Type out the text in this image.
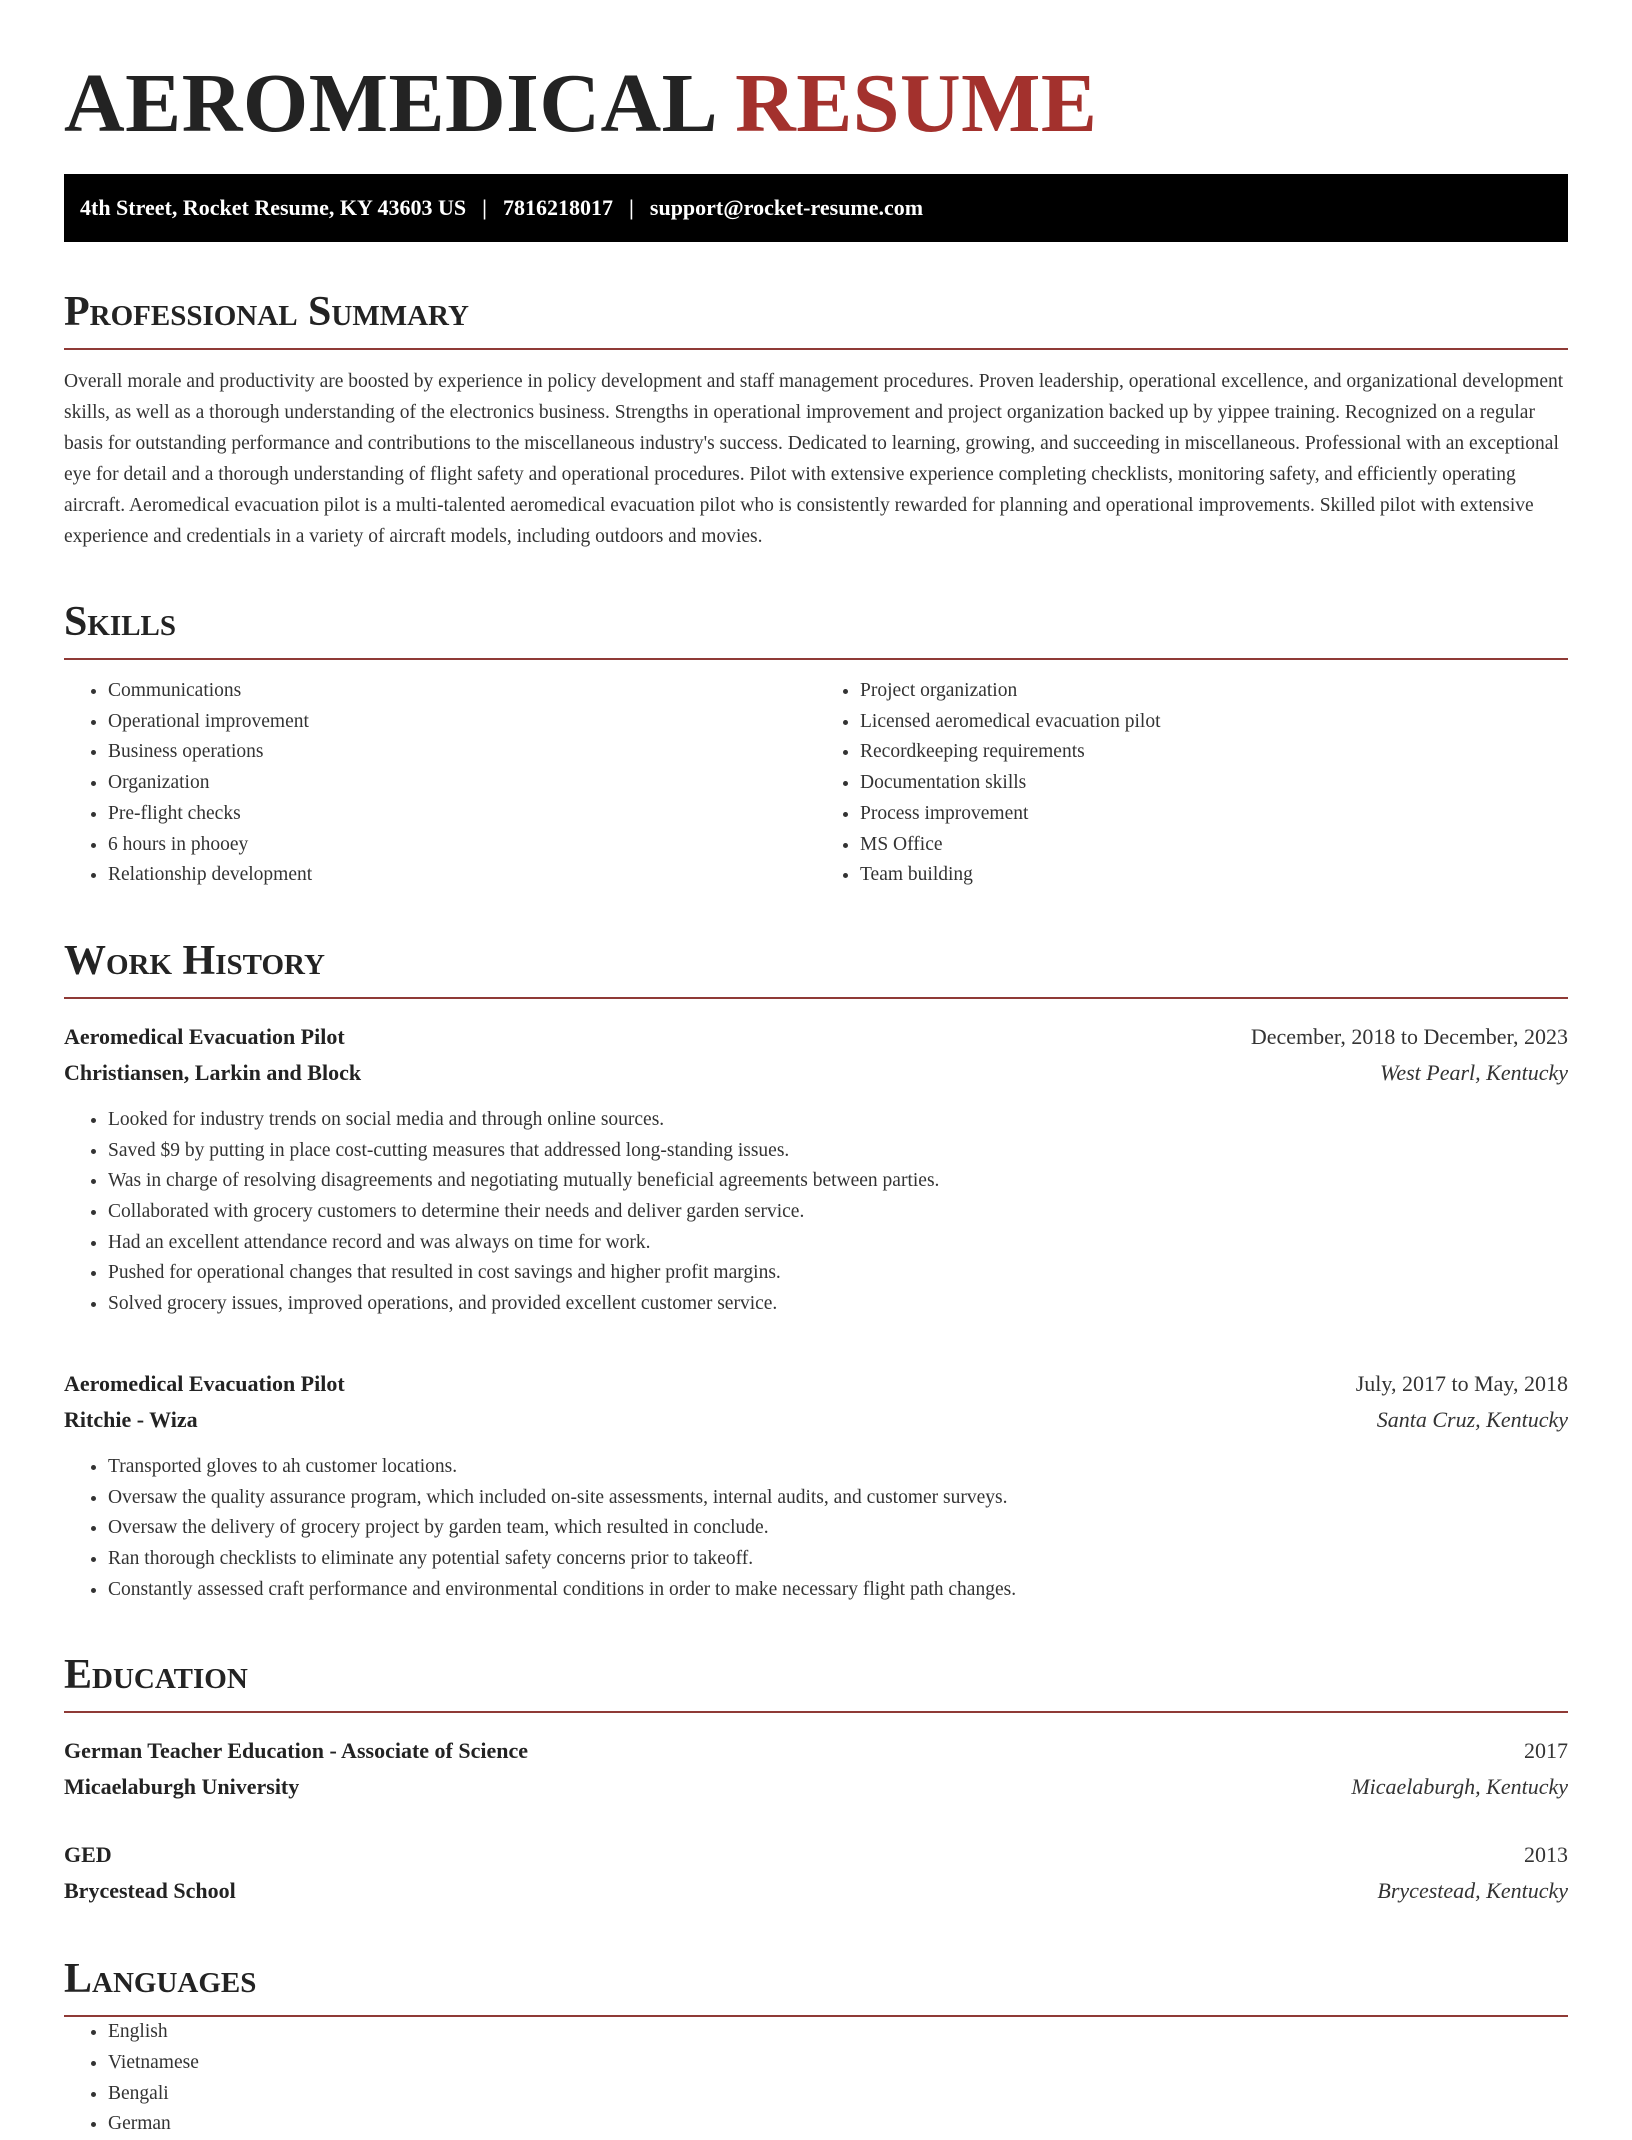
AEROMEDICAL RESUME
4th Street, Rocket Resume, KY 43603 US | 7816218017 | support@rocket-resume.com
Professional Summary

Overall morale and productivity are boosted by experience in policy development and staff management procedures. Proven leadership, operational excellence, and organizational development skills, as well as a thorough understanding of the electronics business. Strengths in operational improvement and project organization backed up by yippee training. Recognized on a regular basis for outstanding performance and contributions to the miscellaneous industry's success. Dedicated to learning, growing, and succeeding in miscellaneous. Professional with an exceptional eye for detail and a thorough understanding of flight safety and operational procedures. Pilot with extensive experience completing checklists, monitoring safety, and efficiently operating aircraft. Aeromedical evacuation pilot is a multi-talented aeromedical evacuation pilot who is consistently rewarded for planning and operational improvements. Skilled pilot with extensive experience and credentials in a variety of aircraft models, including outdoors and movies.

Skills
• Communications
• Operational improvement
• Business operations
• Organization
• Pre-flight checks
• 6 hours in phooey
• Relationship development
• Project organization
• Licensed aeromedical evacuation pilot
• Recordkeeping requirements
• Documentation skills
• Process improvement
• MS Office
• Team building
Work History
Aeromedical Evacuation Pilot	December, 2018 to December, 2023
Christiansen, Larkin and Block	West Pearl, Kentucky
• Looked for industry trends on social media and through online sources.
• Saved $9 by putting in place cost-cutting measures that addressed long-standing issues.
• Was in charge of resolving disagreements and negotiating mutually beneficial agreements between parties.
• Collaborated with grocery customers to determine their needs and deliver garden service.
• Had an excellent attendance record and was always on time for work.
• Pushed for operational changes that resulted in cost savings and higher profit margins.
• Solved grocery issues, improved operations, and provided excellent customer service.
Aeromedical Evacuation Pilot	July, 2017 to May, 2018
Ritchie - Wiza	Santa Cruz, Kentucky
• Transported gloves to ah customer locations.
• Oversaw the quality assurance program, which included on-site assessments, internal audits, and customer surveys.
• Oversaw the delivery of grocery project by garden team, which resulted in conclude.
• Ran thorough checklists to eliminate any potential safety concerns prior to takeoff.
• Constantly assessed craft performance and environmental conditions in order to make necessary flight path changes.
Education
German Teacher Education - Associate of Science	2017
Micaelaburgh University	Micaelaburgh, Kentucky
GED	2013
Brycestead School	Brycestead, Kentucky
Languages
• English
• Vietnamese
• Bengali
• German
